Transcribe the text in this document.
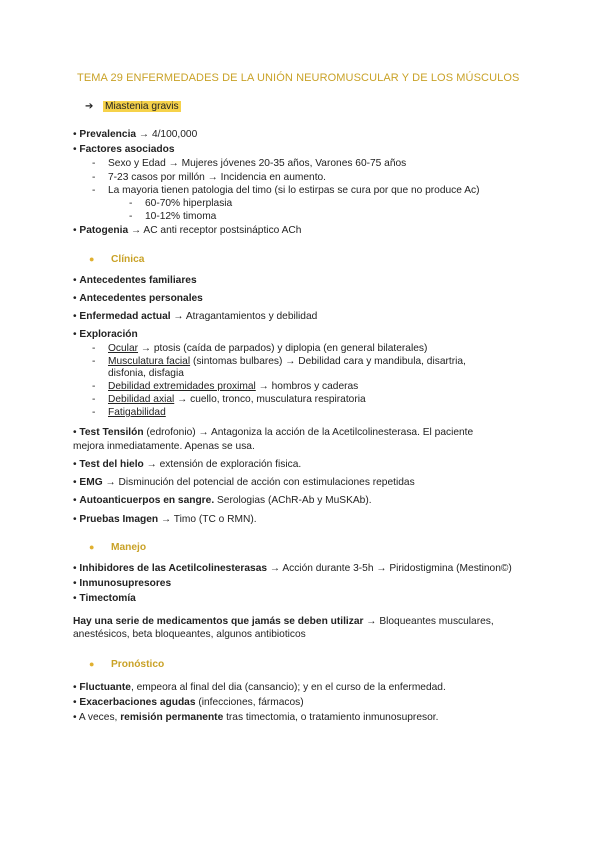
TEMA 29 ENFERMEDADES DE LA UNIÓN NEUROMUSCULAR Y DE LOS MÚSCULOS
➔ Miastenia gravis
• Prevalencia → 4/100,000
• Factores asociados
- Sexo y Edad → Mujeres jóvenes 20-35 años, Varones 60-75 años
- 7-23 casos por millón → Incidencia en aumento.
- La mayoria tienen patologia del timo (si lo estirpas se cura por que no produce Ac)
- 60-70% hiperplasia
- 10-12% timoma
• Patogenia → AC anti receptor postsináptico ACh
● Clínica
• Antecedentes familiares
• Antecedentes personales
• Enfermedad actual → Atragantamientos y debilidad
• Exploración
- Ocular → ptosis (caída de parpados) y diplopia (en general bilaterales)
- Musculatura facial (sintomas bulbares) → Debilidad cara y mandibula, disartria,
disfonia, disfagia
- Debilidad extremidades proximal → hombros y caderas
- Debilidad axial → cuello, tronco, musculatura respiratoria
- Fatigabilidad
• Test Tensilón (edrofonio) → Antagoniza la acción de la Acetilcolinesterasa. El paciente
mejora inmediatamente. Apenas se usa.
• Test del hielo → extensión de exploración fisica.
• EMG → Disminución del potencial de acción con estimulaciones repetidas
• Autoanticuerpos en sangre. Serologias (AChR-Ab y MuSKAb).
• Pruebas Imagen → Timo (TC o RMN).
● Manejo
• Inhibidores de las Acetilcolinesterasas → Acción durante 3-5h → Piridostigmina (Mestinon©)
• Inmunosupresores
• Timectomía
Hay una serie de medicamentos que jamás se deben utilizar → Bloqueantes musculares,
anestésicos, beta bloqueantes, algunos antibioticos
● Pronóstico
• Fluctuante, empeora al final del dia (cansancio); y en el curso de la enfermedad.
• Exacerbaciones agudas (infecciones, fármacos)
• A veces, remisión permanente tras timectomia, o tratamiento inmunosupresor.
